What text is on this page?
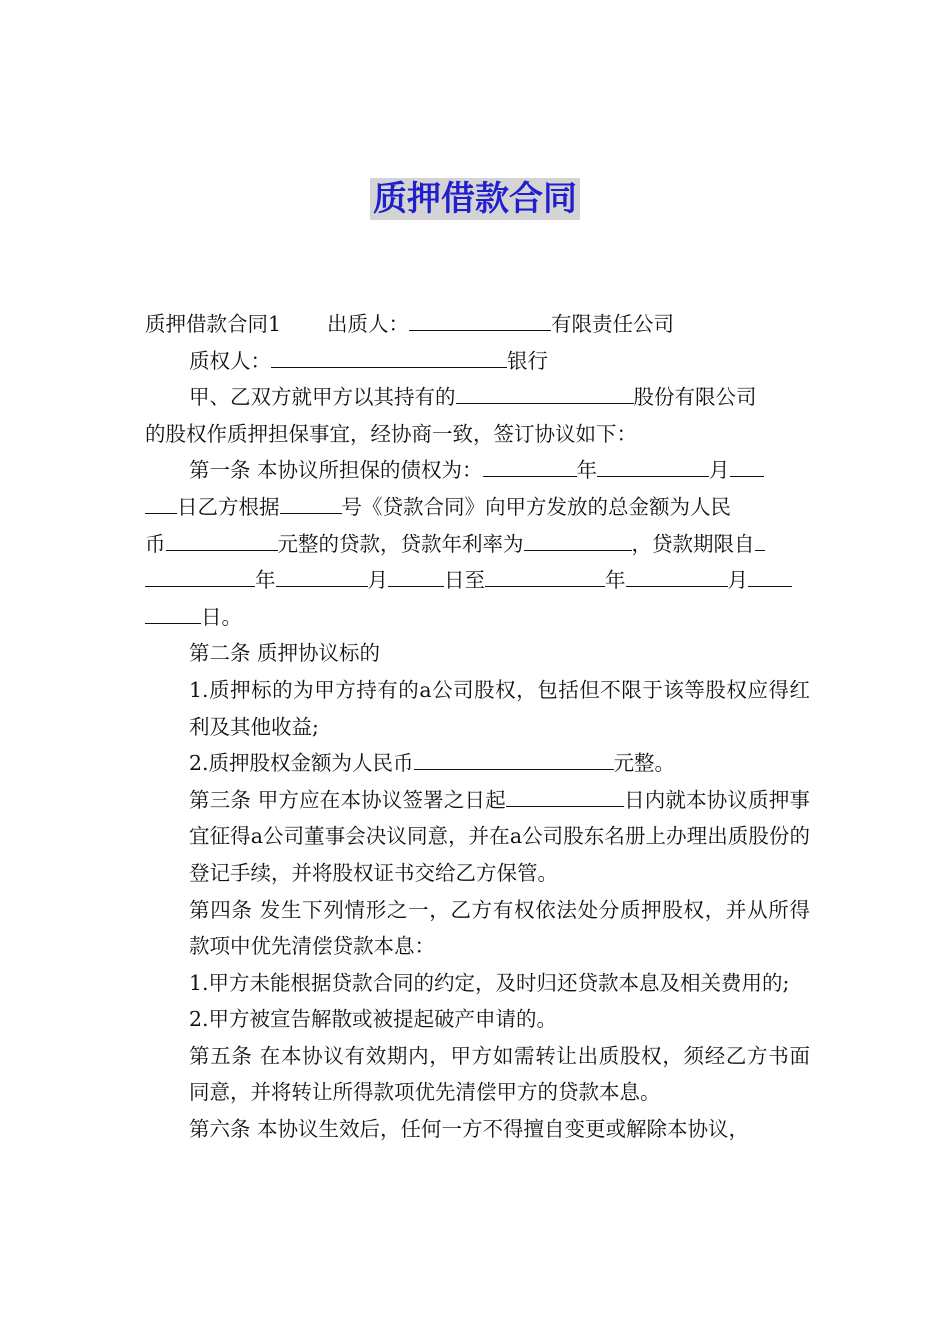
质押借款合同

质押借款合同1 出质人：	有限责任公司

质权人：	银行

甲、乙双方就甲方以其持有的	股份有限公司

的股权作质押担保事宜，经协商一致，签订协议如下：

第一条 本协议所担保的债权为：	年	月

日乙方根据	号《贷款合同》向甲方发放的总金额为人民

币	元整的贷款，贷款年利率为	，贷款期限自

年	月	日至	年	月

日。

第二条 质押协议标的

1.质押标的为甲方持有的a公司股权，包括但不限于该等股权应得红利及其他收益;

2.质押股权金额为人民币	元整。

第三条 甲方应在本协议签署之日起	日内就本协议质押事宜征得a公司董事会决议同意，并在a公司股东名册上办理出质股份的登记手续，并将股权证书交给乙方保管。

第四条 发生下列情形之一，乙方有权依法处分质押股权，并从所得款项中优先清偿贷款本息：

1.甲方未能根据贷款合同的约定，及时归还贷款本息及相关费用的;

2.甲方被宣告解散或被提起破产申请的。

第五条 在本协议有效期内，甲方如需转让出质股权，须经乙方书面同意，并将转让所得款项优先清偿甲方的贷款本息。

第六条 本协议生效后，任何一方不得擅自变更或解除本协议，
